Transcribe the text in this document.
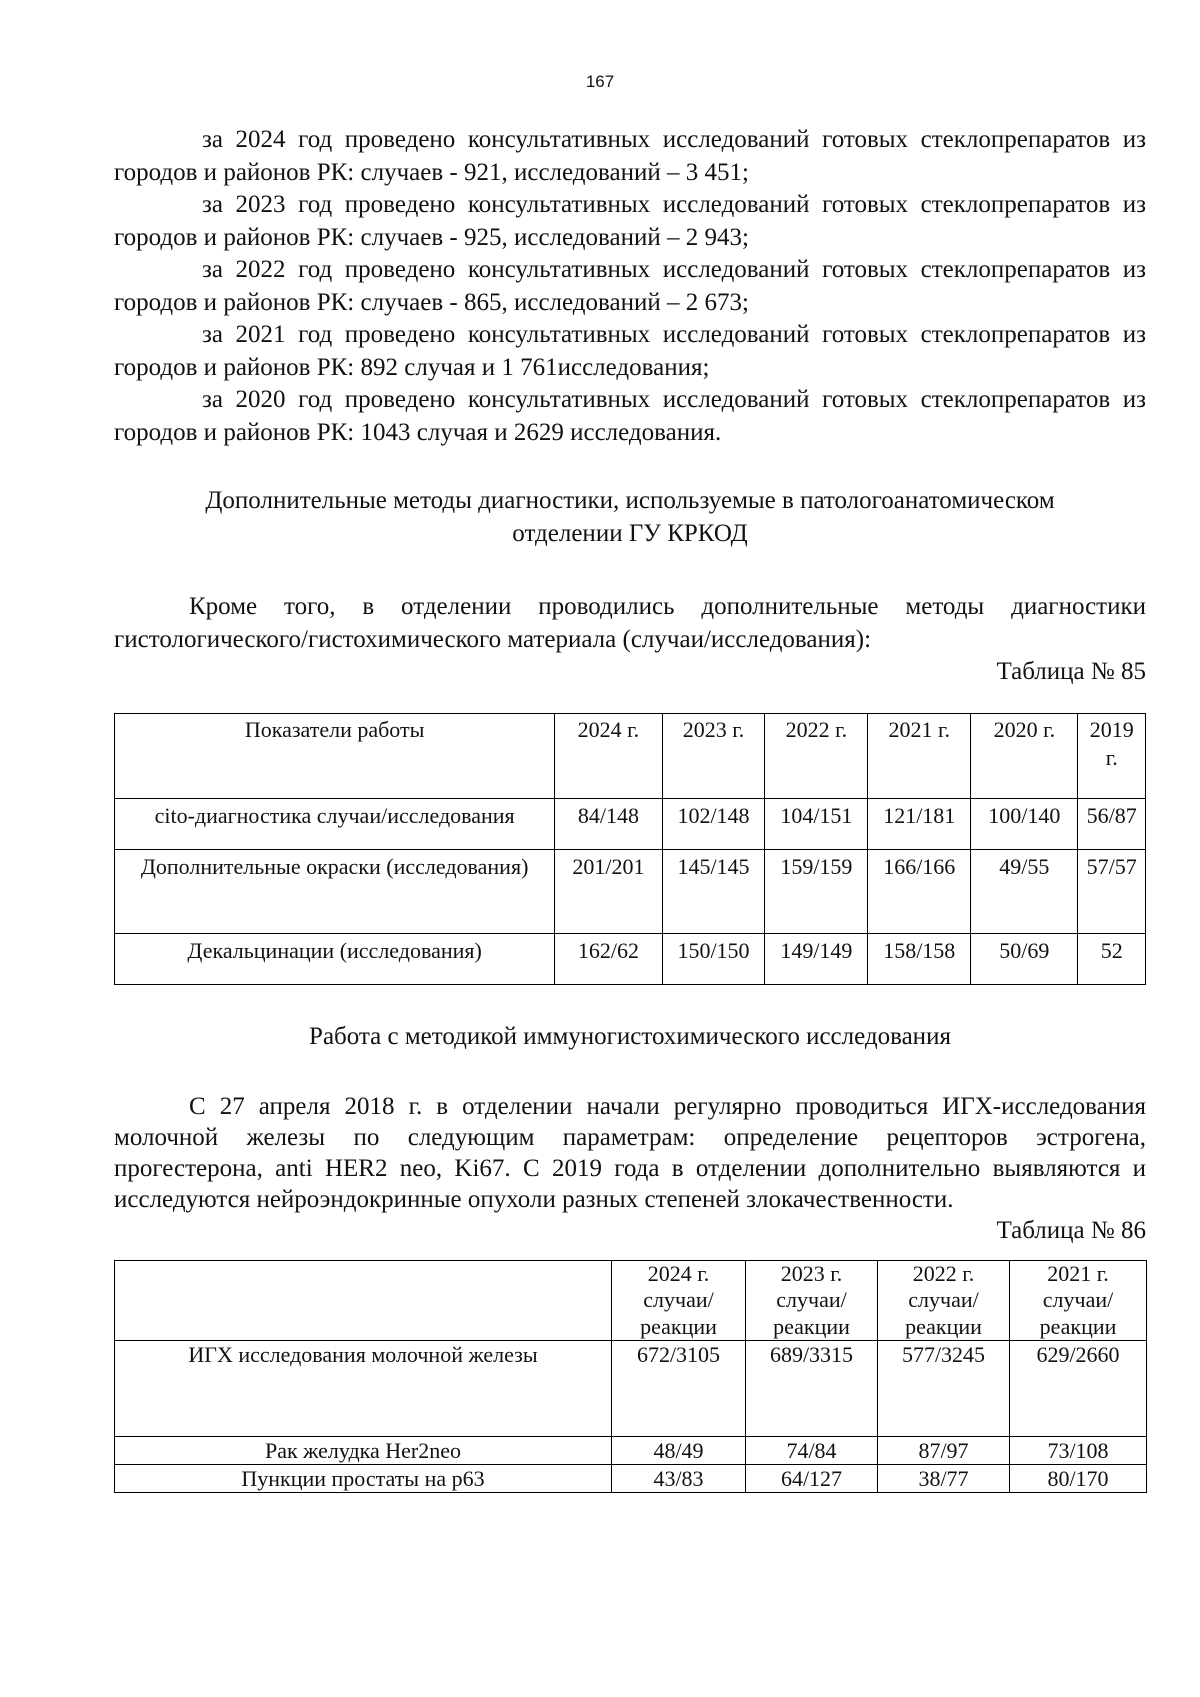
167

за 2024 год проведено консультативных исследований готовых стеклопрепаратов из городов и районов РК: случаев - 921, исследований – 3 451;

за 2023 год проведено консультативных исследований готовых стеклопрепаратов из городов и районов РК: случаев - 925, исследований – 2 943;

за 2022 год проведено консультативных исследований готовых стеклопрепаратов из городов и районов РК: случаев - 865, исследований – 2 673;

за 2021 год проведено консультативных исследований готовых стеклопрепаратов из городов и районов РК: 892 случая и 1 761исследования;

за 2020 год проведено консультативных исследований готовых стеклопрепаратов из городов и районов РК: 1043 случая и 2629 исследования.

Дополнительные методы диагностики, используемые в патологоанатомическом
отделении ГУ КРКОД

Кроме того, в отделении проводились дополнительные методы диагностики гистологического/гистохимического материала (случаи/исследования):

Таблица № 85

Показатели работы	2024 г.	2023 г.	2022 г.	2021 г.	2020 г.	2019 г.
cito-диагностика случаи/исследования	84/148	102/148	104/151	121/181	100/140	56/87
Дополнительные окраски (исследования)	201/201	145/145	159/159	166/166	49/55	57/57
Декальцинации (исследования)	162/62	150/150	149/149	158/158	50/69	52

Работа с методикой иммуногистохимического исследования

С 27 апреля 2018 г. в отделении начали регулярно проводиться ИГХ-исследования молочной железы по следующим параметрам: определение рецепторов эстрогена, прогестерона, anti HER2 neo, Ki67. С 2019 года в отделении дополнительно выявляются и исследуются нейроэндокринные опухоли разных степеней злокачественности.

Таблица № 86

	2024 г.
случаи/
реакции	2023 г.
случаи/
реакции	2022 г.
случаи/
реакции	2021 г.
случаи/
реакции
ИГХ исследования молочной железы	672/3105	689/3315	577/3245	629/2660
Рак желудка Her2neo	48/49	74/84	87/97	73/108
Пункции простаты на р63	43/83	64/127	38/77	80/170
